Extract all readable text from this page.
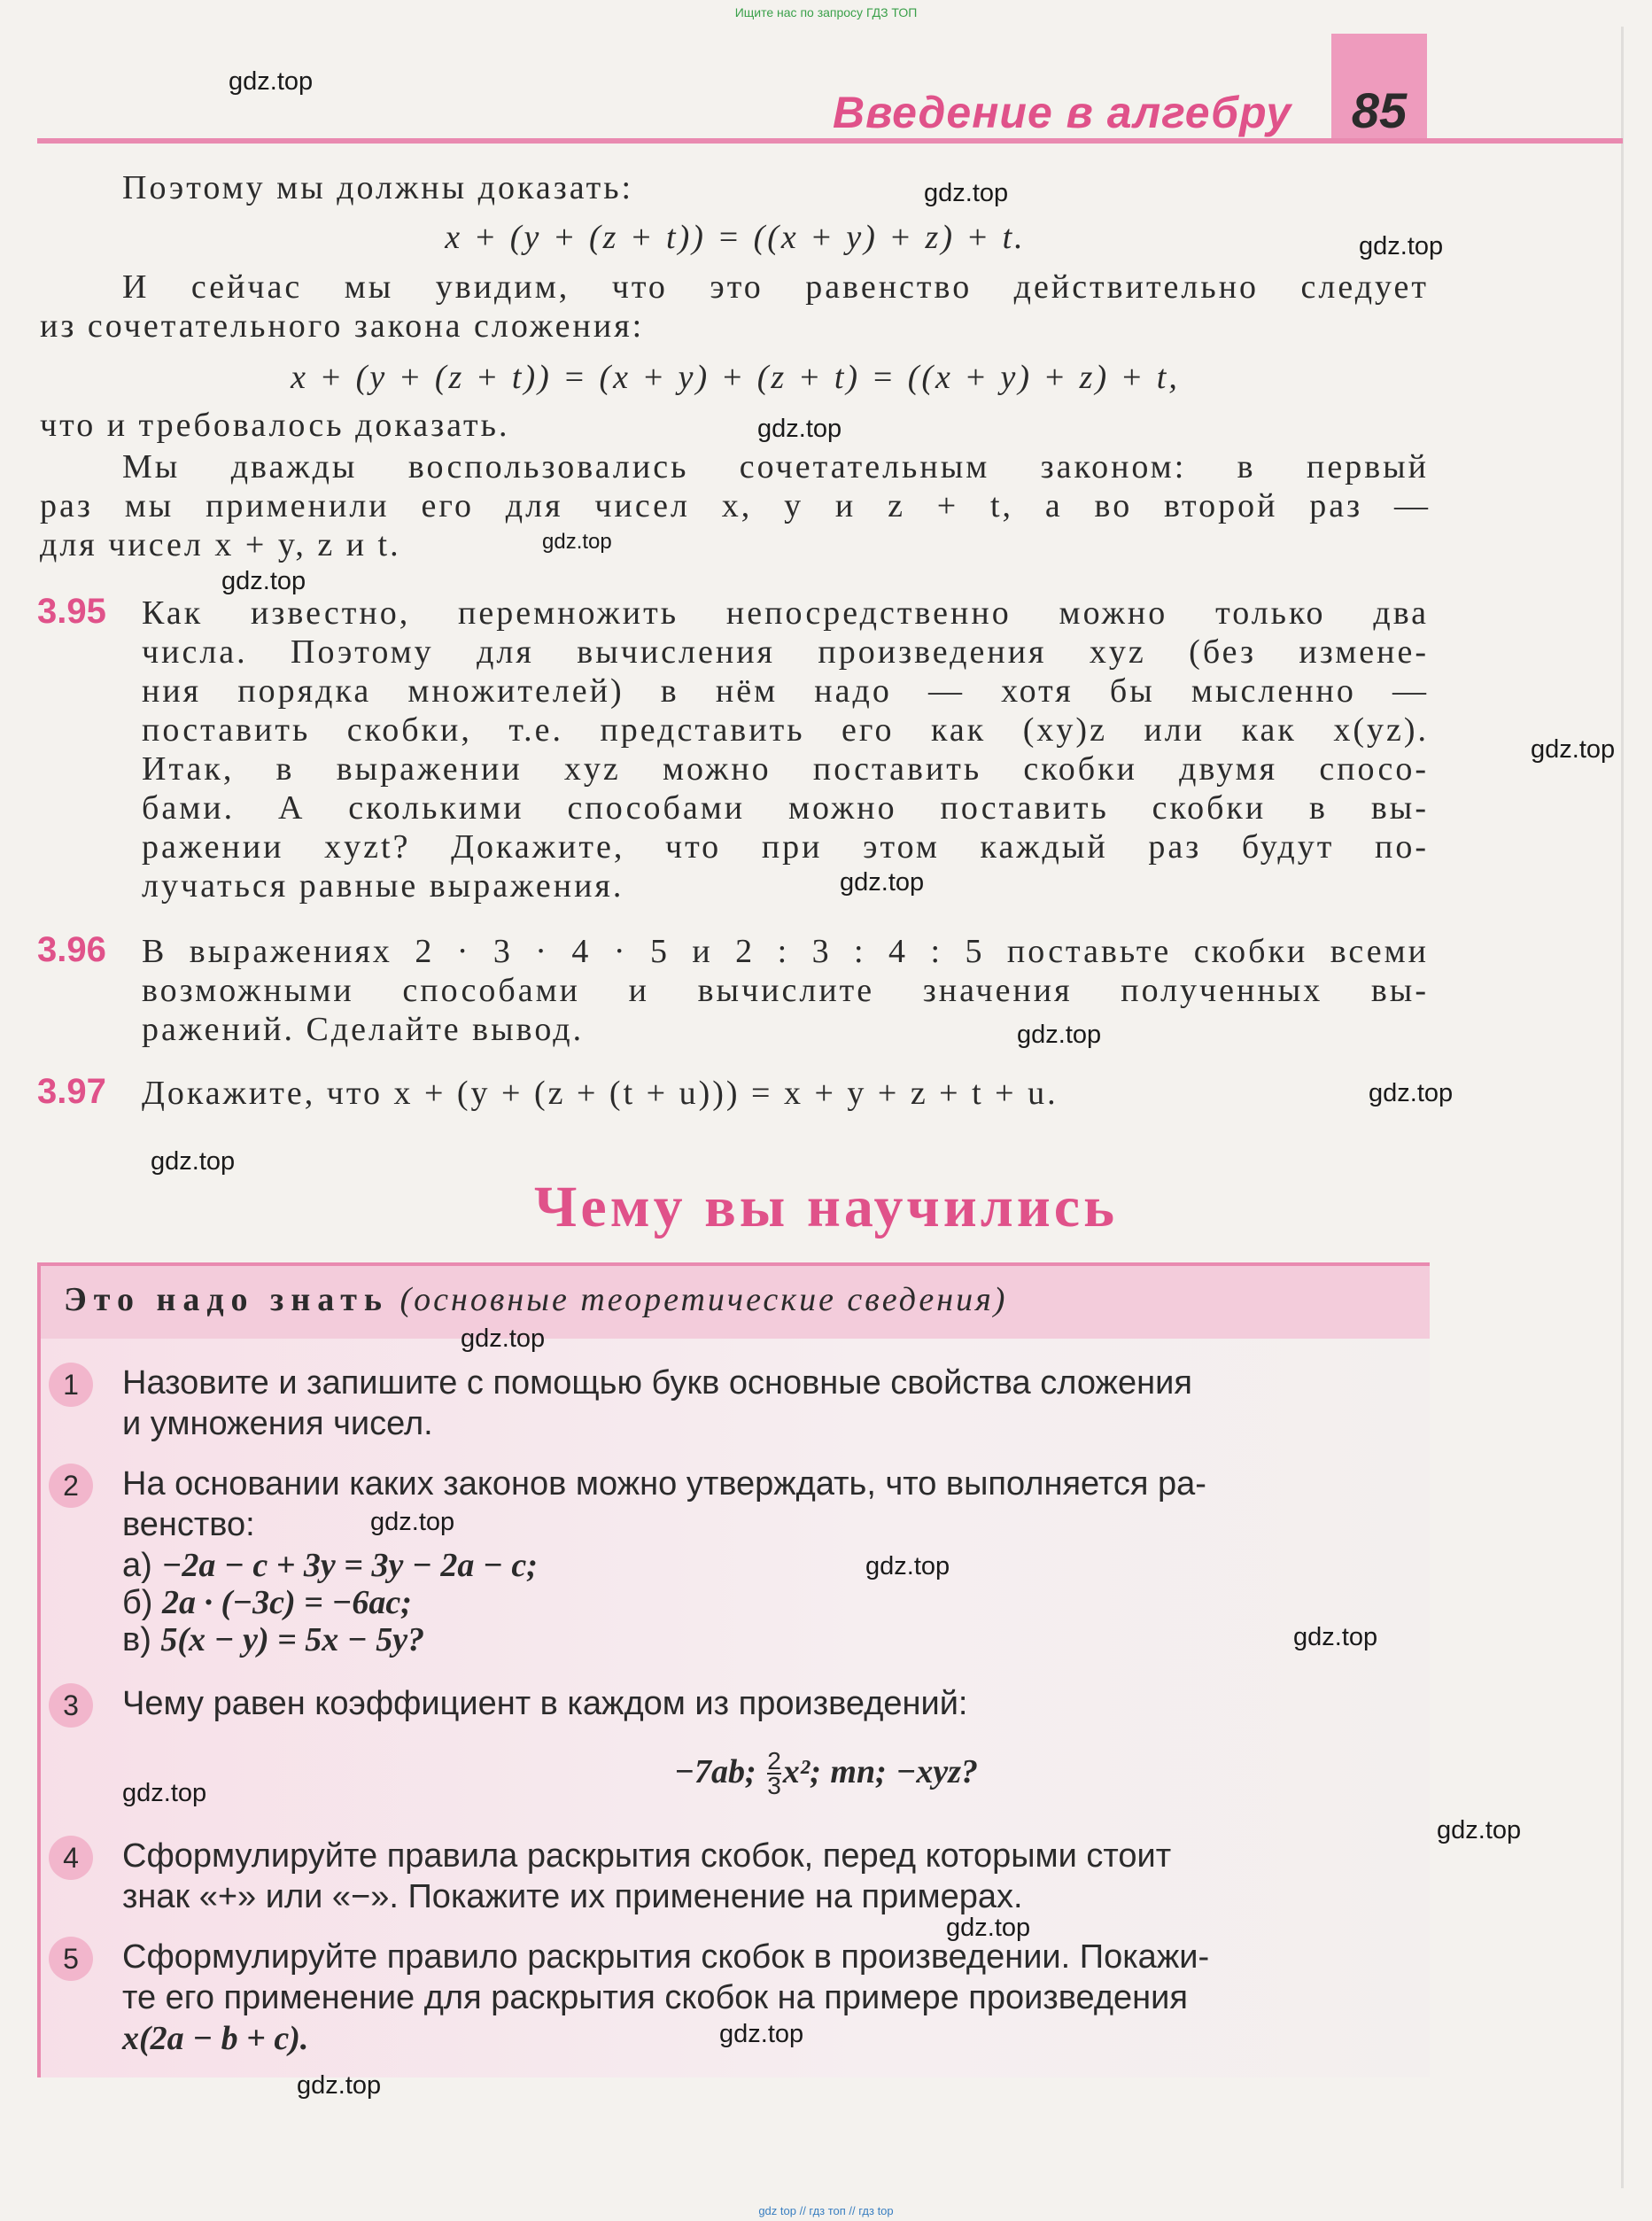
Ищите нас по запросу ГДЗ ТОП
85
Введение в алгебру
Поэтому мы должны доказать:
x + (y + (z + t)) = ((x + y) + z) + t.
И сейчас мы увидим, что это равенство действительно следует
из сочетательного закона сложения:
x + (y + (z + t)) = (x + y) + (z + t) = ((x + y) + z) + t,
что и требовалось доказать.
Мы дважды воспользовались сочетательным законом: в первый
раз мы применили его для чисел x, y и z + t, а во второй раз —
для чисел x + y, z и t.
3.95 Как известно, перемножить непосредственно можно только два
числа. Поэтому для вычисления произведения xyz (без измене-
ния порядка множителей) в нём надо — хотя бы мысленно —
поставить скобки, т.е. представить его как (xy)z или как x(yz).
Итак, в выражении xyz можно поставить скобки двумя спосо-
бами. А сколькими способами можно поставить скобки в вы-
ражении xyzt? Докажите, что при этом каждый раз будут по-
лучаться равные выражения.
3.96 В выражениях 2 · 3 · 4 · 5 и 2 : 3 : 4 : 5 поставьте скобки всеми
возможными способами и вычислите значения полученных вы-
ражений. Сделайте вывод.
3.97 Докажите, что x + (y + (z + (t + u))) = x + y + z + t + u.
Чему вы научились
Это надо знать (основные теоретические сведения)
1	Назовите и запишите с помощью букв основные свойства сложения
и умножения чисел.
2	На основании каких законов можно утверждать, что выполняется ра-
венство:
а) −2a − c + 3y = 3y − 2a − c;
б) 2a · (−3c) = −6ac;
в) 5(x − y) = 5x − 5y?
3	Чему равен коэффициент в каждом из произведений:
−7ab; $\frac{2}{3} x^2$; mn; −xyz?
4	Сформулируйте правила раскрытия скобок, перед которыми стоит
знак «+» или «−». Покажите их применение на примерах.
5	Сформулируйте правило раскрытия скобок в произведении. Покажи-
те его применение для раскрытия скобок на примере произведения
x(2a − b + c).
gdz.top
gdz.top
gdz.top
gdz.top
gdz.top
gdz.top
gdz.top
gdz.top
gdz.top
gdz.top
gdz.top
gdz.top
gdz.top
gdz.top
gdz.top
gdz.top
gdz.top
gdz.top
gdz.top
gdz.top
gdz top // гдз топ // гдз top
